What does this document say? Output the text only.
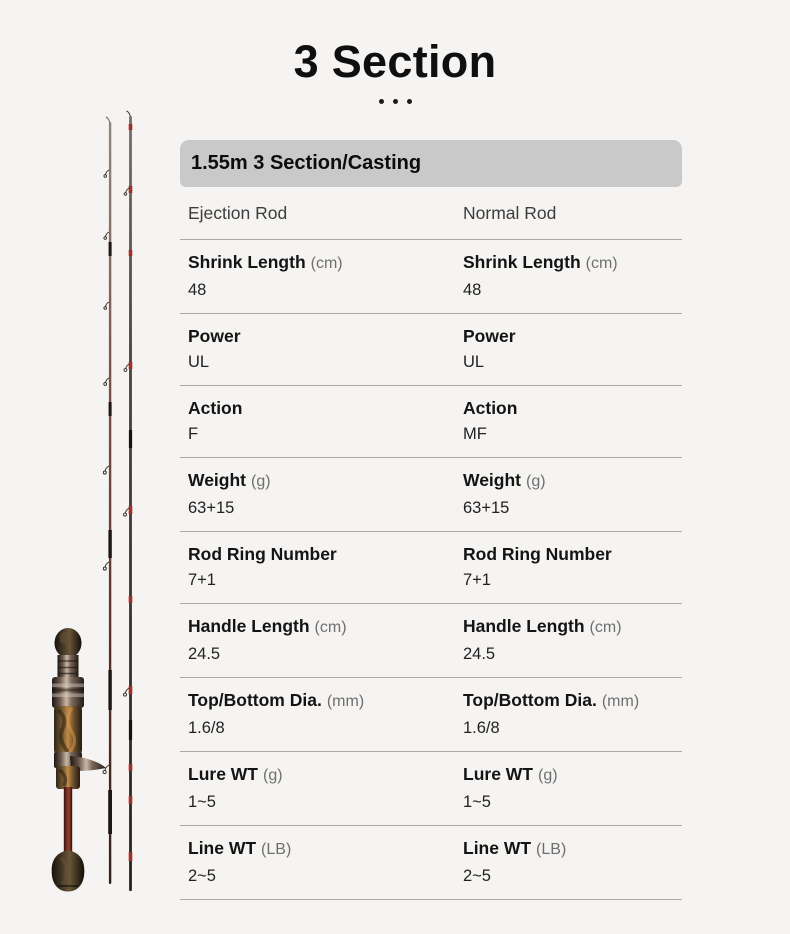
3 Section
1.55m 3 Section/Casting
Ejection Rod	Normal Rod
Shrink Length (cm)
48
Shrink Length (cm)
48
Power
UL
Power
UL
Action
F
Action
MF
Weight (g)
63+15
Weight (g)
63+15
Rod Ring Number
7+1
Rod Ring Number
7+1
Handle Length (cm)
24.5
Handle Length (cm)
24.5
Top/Bottom Dia. (mm)
1.6/8
Top/Bottom Dia. (mm)
1.6/8
Lure WT (g)
1~5
Lure WT (g)
1~5
Line WT (LB)
2~5
Line WT (LB)
2~5
